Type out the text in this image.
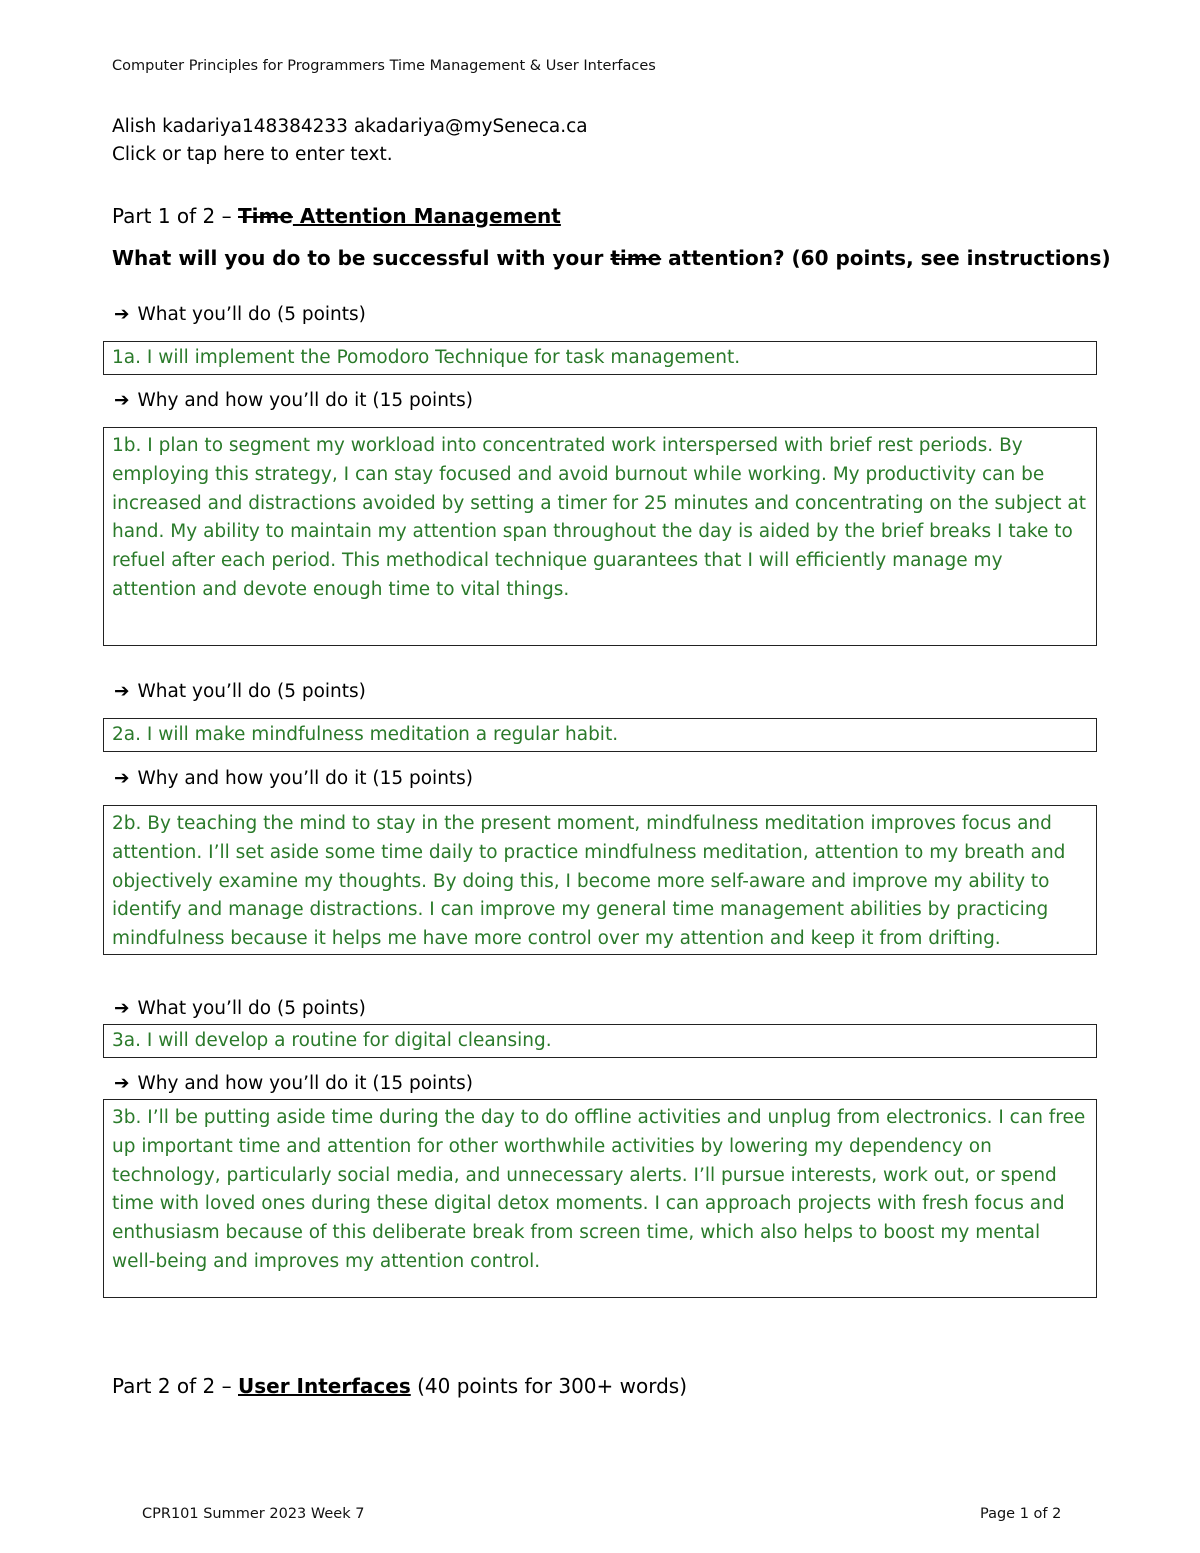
Computer Principles for Programmers Time Management & User Interfaces
Alish kadariya148384233 akadariya@mySeneca.ca
Click or tap here to enter text.
Part 1 of 2 – Time Attention Management
What will you do to be successful with your time attention? (60 points, see instructions)
➔ What you’ll do (5 points)
1a. I will implement the Pomodoro Technique for task management.
➔ Why and how you’ll do it (15 points)
1b. I plan to segment my workload into concentrated work interspersed with brief rest periods. By employing this strategy, I can stay focused and avoid burnout while working. My productivity can be increased and distractions avoided by setting a timer for 25 minutes and concentrating on the subject at hand. My ability to maintain my attention span throughout the day is aided by the brief breaks I take to refuel after each period. This methodical technique guarantees that I will efficiently manage my attention and devote enough time to vital things.
➔ What you’ll do (5 points)
2a. I will make mindfulness meditation a regular habit.
➔ Why and how you’ll do it (15 points)
2b. By teaching the mind to stay in the present moment, mindfulness meditation improves focus and attention. I’ll set aside some time daily to practice mindfulness meditation, attention to my breath and objectively examine my thoughts. By doing this, I become more self-aware and improve my ability to identify and manage distractions. I can improve my general time management abilities by practicing mindfulness because it helps me have more control over my attention and keep it from drifting.
➔ What you’ll do (5 points)
3a. I will develop a routine for digital cleansing.
➔ Why and how you’ll do it (15 points)
3b. I’ll be putting aside time during the day to do offline activities and unplug from electronics. I can free up important time and attention for other worthwhile activities by lowering my dependency on technology, particularly social media, and unnecessary alerts. I’ll pursue interests, work out, or spend time with loved ones during these digital detox moments. I can approach projects with fresh focus and enthusiasm because of this deliberate break from screen time, which also helps to boost my mental well-being and improves my attention control.
Part 2 of 2 – User Interfaces (40 points for 300+ words)
CPR101 Summer 2023 Week 7	Page 1 of 2
